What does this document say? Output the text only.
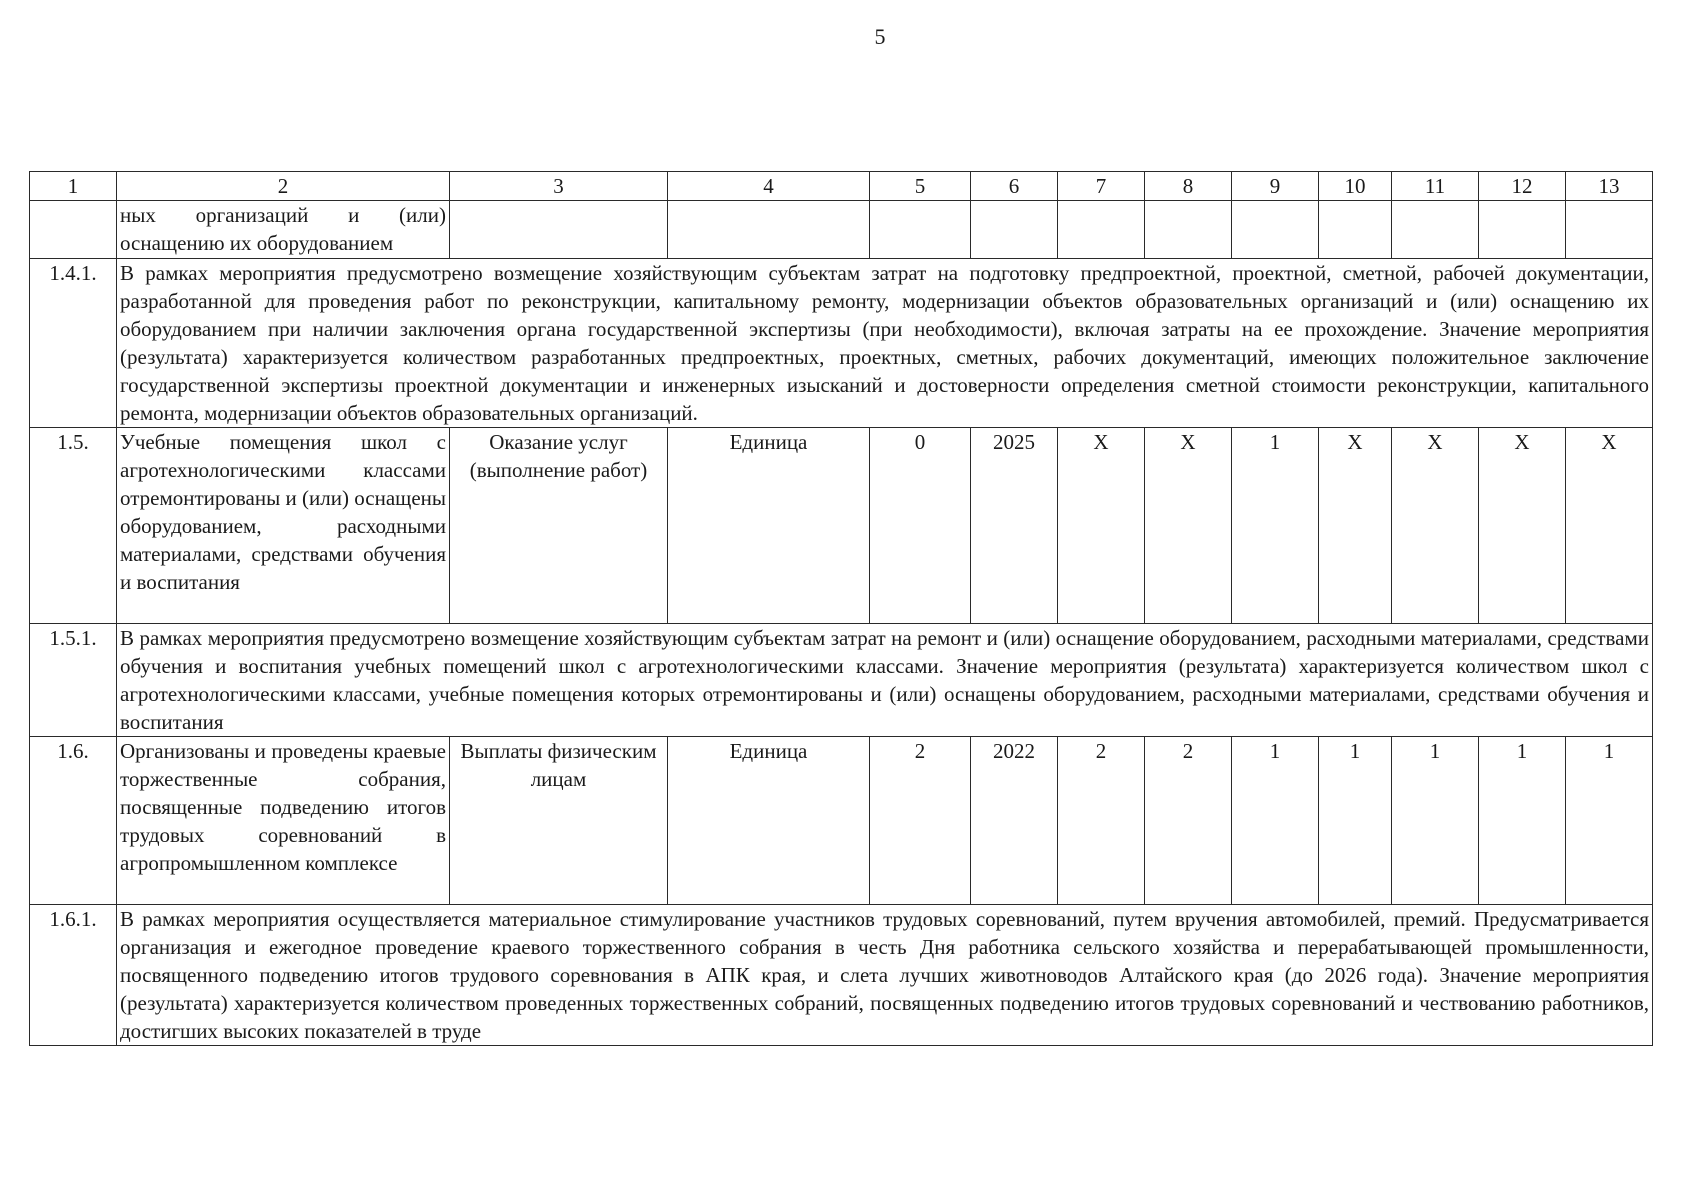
5
1	2	3	4	5	6	7	8	9	10	11	12	13
	ных организаций и (или) оснащению их оборудованием											
1.4.1.	В рамках мероприятия предусмотрено возмещение хозяйствующим субъектам затрат на подготовку предпроектной, проектной, сметной, рабочей документации, разработанной для проведения работ по реконструкции, капитальному ремонту, модернизации объектов образовательных организаций и (или) оснащению их оборудованием при наличии заключения органа государственной экспертизы (при необходимости), включая затраты на ее прохождение. Значение мероприятия (результата) характеризуется количеством разработанных предпроектных, проектных, сметных, рабочих документаций, имеющих положительное заключение государственной экспертизы проектной документации и инженерных изысканий и достоверности определения сметной стоимости реконструкции, капитального ремонта, модернизации объектов образовательных организаций.											
1.5.	Учебные помещения школ с агротехнологическими классами отремонтированы и (или) оснащены оборудованием, расходными материалами, средствами обучения и воспитания	Оказание услуг (выполнение работ)	Единица	0	2025	X	X	1	X	X	X	X
1.5.1.	В рамках мероприятия предусмотрено возмещение хозяйствующим субъектам затрат на ремонт и (или) оснащение оборудованием, расходными материалами, средствами обучения и воспитания учебных помещений школ с агротехнологическими классами. Значение мероприятия (результата) характеризуется количеством школ с агротехнологическими классами, учебные помещения которых отремонтированы и (или) оснащены оборудованием, расходными материалами, средствами обучения и воспитания											
1.6.	Организованы и проведены краевые торжественные собрания, посвященные подведению итогов трудовых соревнований в агропромышленном комплексе	Выплаты физическим лицам	Единица	2	2022	2	2	1	1	1	1	1
1.6.1.	В рамках мероприятия осуществляется материальное стимулирование участников трудовых соревнований, путем вручения автомобилей, премий. Предусматривается организация и ежегодное проведение краевого торжественного собрания в честь Дня работника сельского хозяйства и перерабатывающей промышленности, посвященного подведению итогов трудового соревнования в АПК края, и слета лучших животноводов Алтайского края (до 2026 года). Значение мероприятия (результата) характеризуется количеством проведенных торжественных собраний, посвященных подведению итогов трудовых соревнований и чествованию работников, достигших высоких показателей в труде											
